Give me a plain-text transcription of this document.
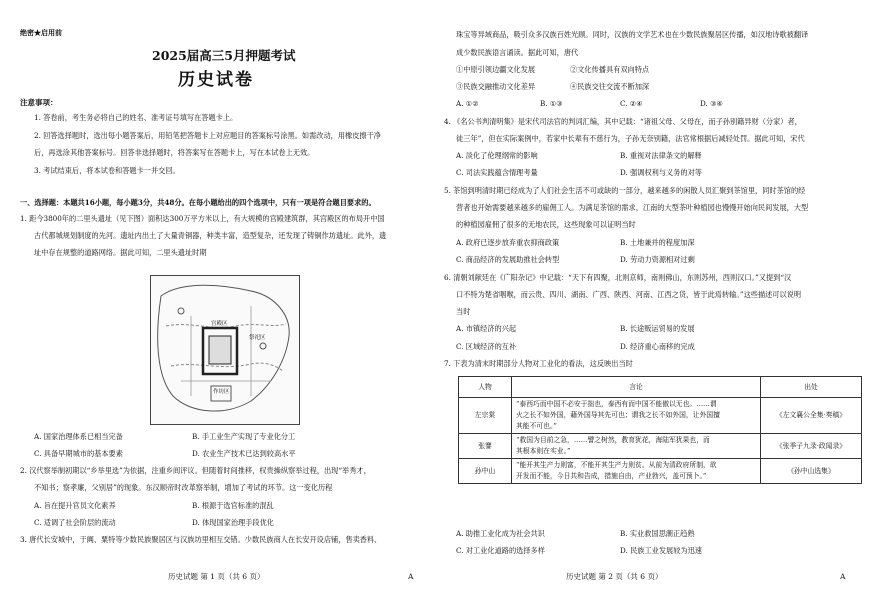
绝密★启用前
2025届高三5月押题考试
历史试卷
注意事项：
1. 答卷前，考生务必将自己的姓名、准考证号填写在答题卡上。
2. 回答选择题时，选出每小题答案后，用铅笔把答题卡上对应题目的答案标号涂黑。如需改动，用橡皮擦干净
后，再选涂其他答案标号。回答非选择题时，将答案写在答题卡上，写在本试卷上无效。
3. 考试结束后，将本试卷和答题卡一并交回。
一、选择题：本题共16小题，每小题3分，共48分。在每小题给出的四个选项中，只有一项是符合题目要求的。
1. 距今3800年的二里头遗址（见下图）面积达300万平方米以上，有大规模的宫殿建筑群，其宫殿区的布局开中国
古代都城规划制度的先河。遗址内出土了大量青铜器，种类丰富，造型复杂，还发现了铸铜作坊遗址。此外，遗
址中存在规整的道路网络。据此可知，二里头遗址时期
宫殿区
作坊区
祭祀区
A. 国家治理体系已相当完备	B. 手工业生产实现了专业化分工
C. 具备早期城市的基本要素	D. 农业生产技术已达到较高水平
2. 汉代察举制初期以“乡举里选”为依据，注重乡闾评议。但随着时间推移，权贵操纵察举过程，出现“举秀才，
不知书；察孝廉，父别居”的现象。东汉顺帝时改革察举制，增加了考试的环节。这一变化历程
A. 旨在提升官员文化素养	B. 根源于选官标准的混乱
C. 适调了社会阶层的流动	D. 体现国家治理手段优化
3. 唐代长安城中，于阗、粟特等少数民族聚居区与汉族坊里相互交错。少数民族商人在长安开设店铺，售卖香料、
历史试题 第 1 页（共 6 页）	A
珠宝等异域商品，吸引众多汉族百姓光顾。同时，汉族的文学艺术也在少数民族聚居区传播，如汉地诗歌被翻译
成少数民族语言诵读。据此可知，唐代
①中原引领边疆文化发展	②文化传播具有双向特点
③民族交融推动文化差异	④民族交往交流不断加深
A. ①②	B. ①③	C. ②④	D. ③④
4. 《名公书判清明集》是宋代司法官的判词汇编，其中记载：“诸祖父母、父母在，而子孙别籍异财（分家）者，
徒三年”，但在实际案例中，若家中长辈有不慈行为，子孙无奈别籍，法官常根据后减轻处罚。据此可知，宋代
A. 淡化了伦理纲常的影响	B. 重视对法律条文的解释
C. 司法实践蕴含情理考量	D. 强调权利与义务的对等
5. 茶馆到明清时期已经成为了人们社会生活不可或缺的一部分，越来越多的闲散人员汇聚到茶馆里，同时茶馆的经
营者也开始需要越来越多的雇佣工人。为满足茶馆的需求，江南的大型茶叶种植园也慢慢开始向民间发展，大型
的种植园雇佣了很多的无地农民，这些现象可以证明当时
A. 政府已逐步放弃重农抑商政策	B. 土地兼并的程度加深
C. 商品经济的发展助推社会转型	D. 劳动力资源相对过剩
6. 清朝刘献廷在《广阳杂记》中记载：“天下有四聚，北则京师，南则佛山，东则苏州，西则汉口。”又提到“汉
口不特为楚省咽喉，而云贵、四川、湖南、广西、陕西、河南、江西之货，皆于此焉转输。”这些描述可以说明
当时
A. 市镇经济的兴起	B. 长途贩运贸易的发展
C. 区域经济的互补	D. 经济重心南移的完成
7. 下表为清末时期部分人物对工业化的看法，这反映出当时
人物	言论	出处
左宗棠	“泰西巧而中国不必安于拙也，泰西有而中国不能傲以无也。……谓
火之长不如外国，藉外国导其先可也；谓我之长不如外国，让外国擅
其能不可也。”	《左文襄公全集·奏稿》
张謇	“救国为目前之急，……譬之树然，教育犹花，海陆军犹果也，而
其根本则在实业。”	《张季子九录·政闻录》
孙中山	“能开其生产力则富，不能开其生产力则贫。从前为清政府所制，欲
开发而不能，今日共和告成，措施自由，产业勃兴，盖可预卜。”	《孙中山选集》
A. 助推工业化成为社会共识	B. 实业救国思潮正趋熟
C. 对工业化道路的选择多样	D. 民族工业发展较为迅速
历史试题 第 2 页（共 6 页）	A
